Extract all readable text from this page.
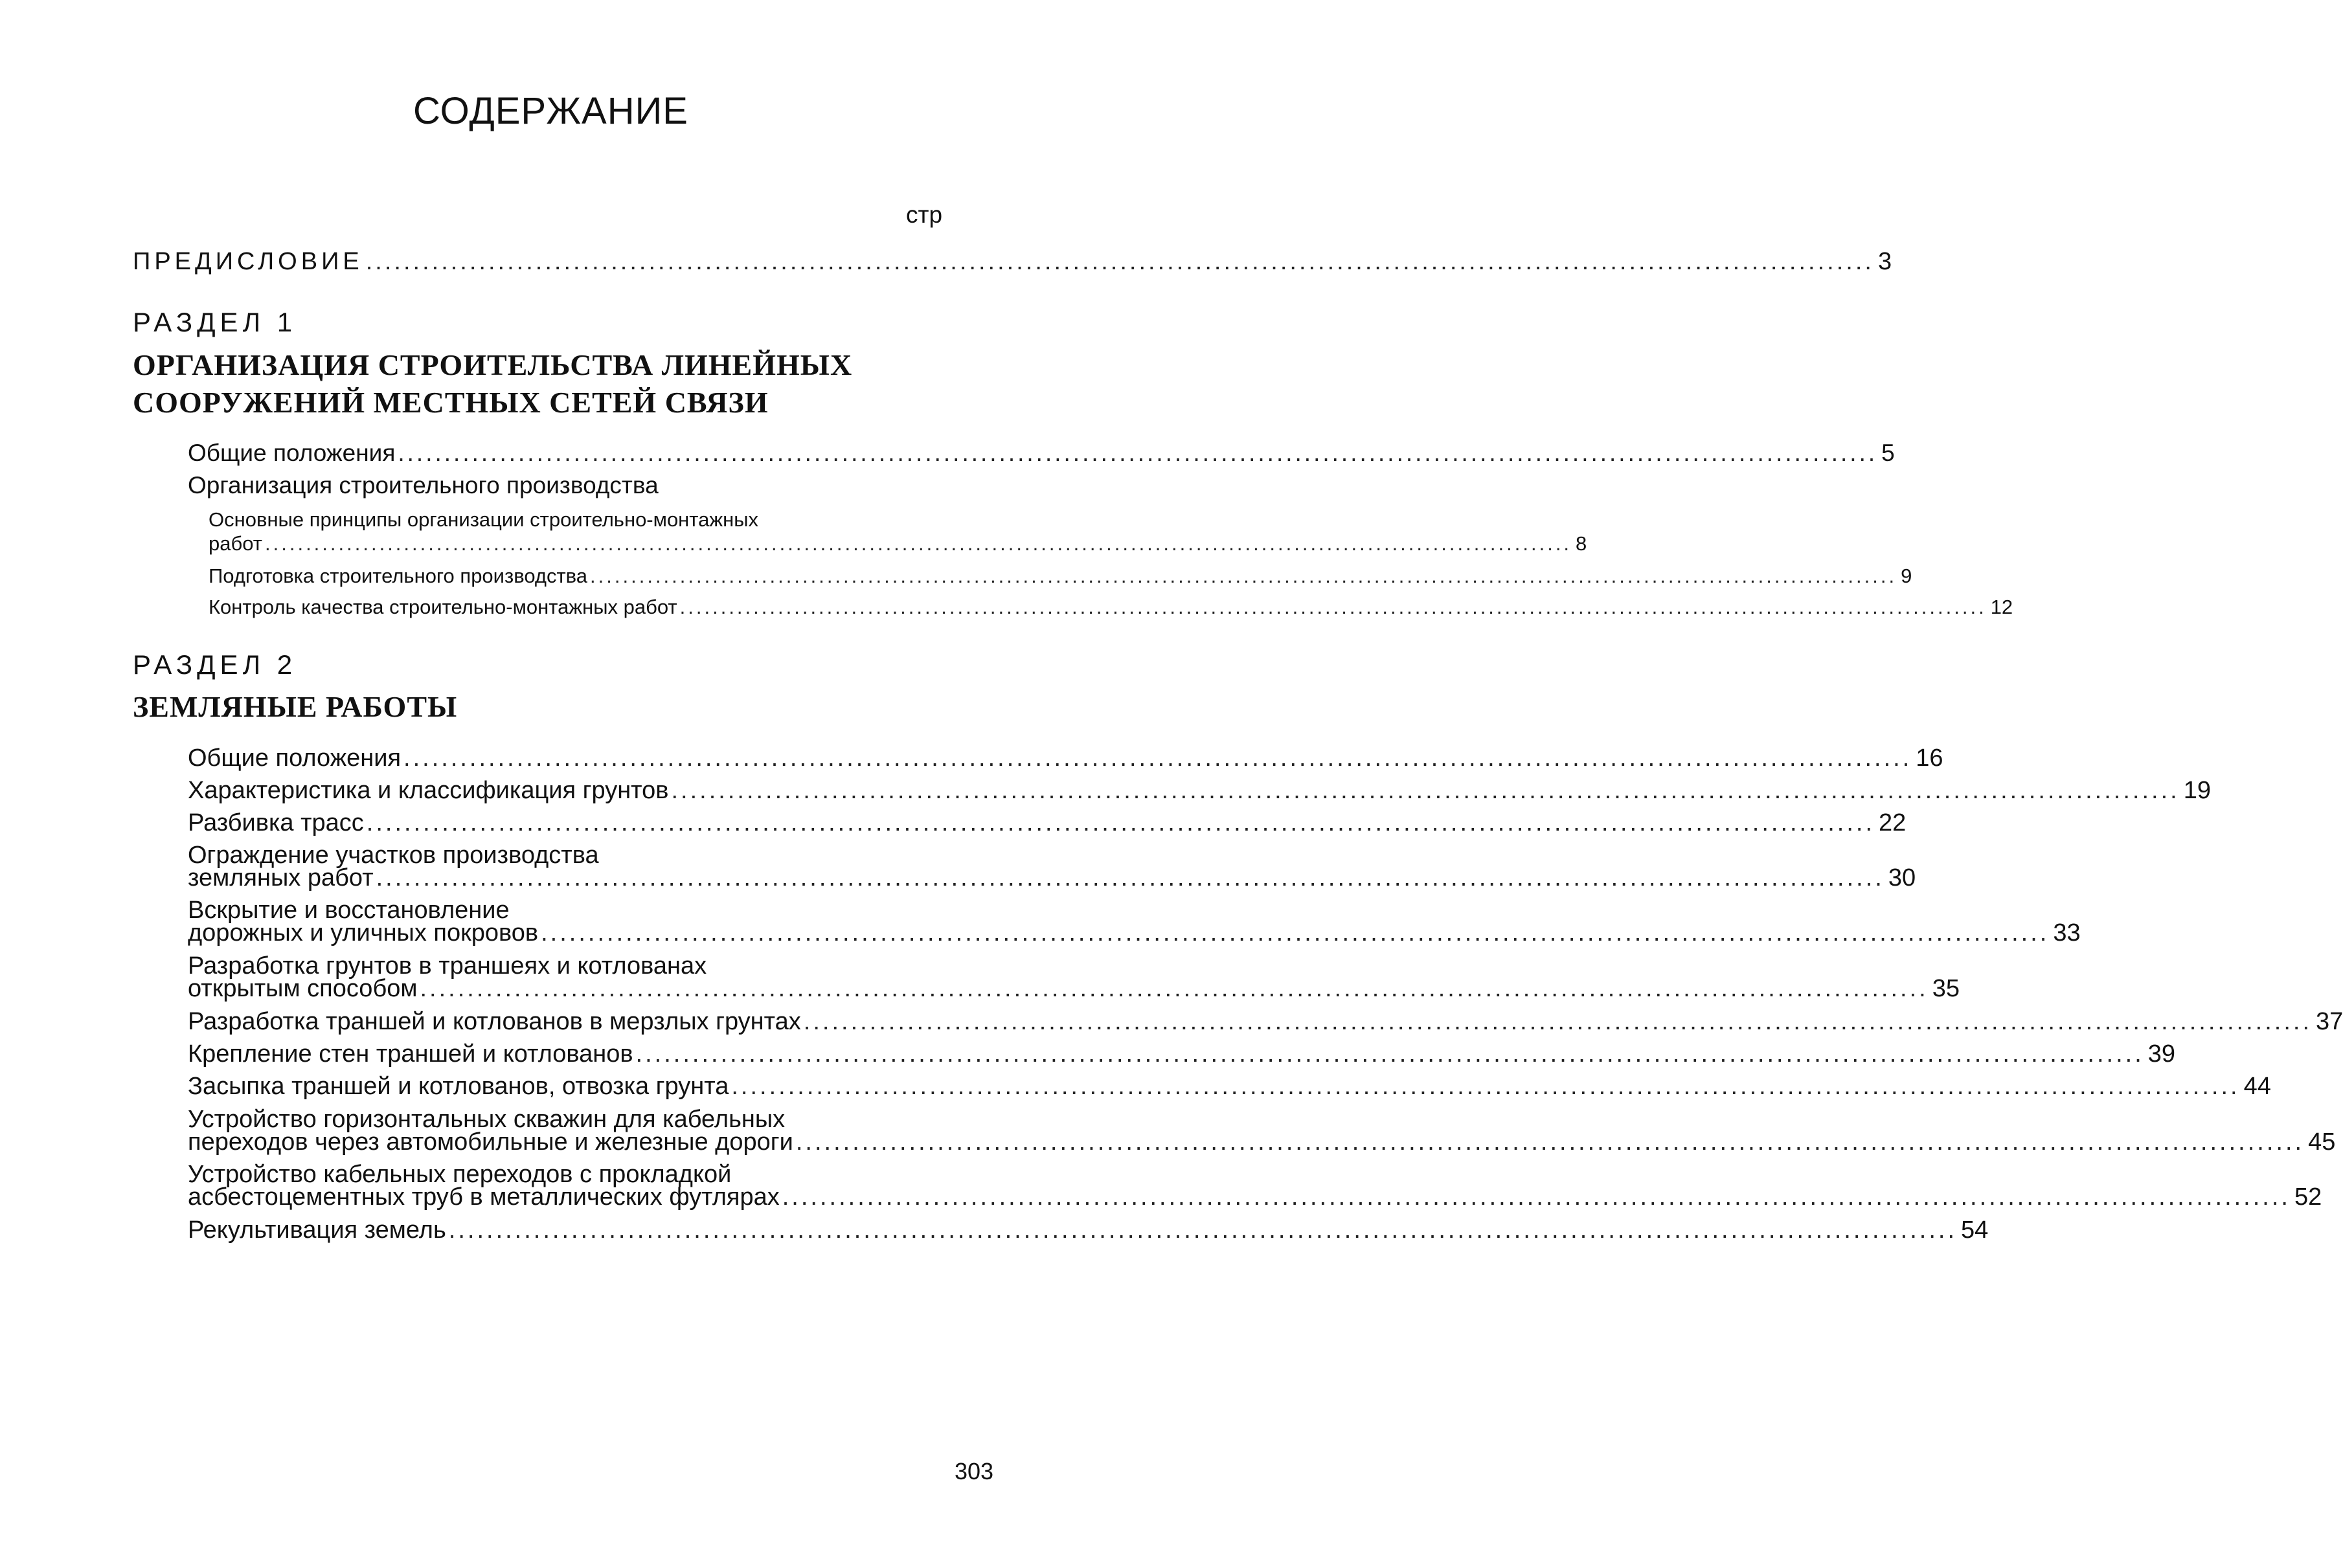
СОДЕРЖАНИЕ
стр
ПРЕДИСЛОВИЕ ................................................................................................................................................................ 3
РАЗДЕЛ 1
ОРГАНИЗАЦИЯ СТРОИТЕЛЬСТВА ЛИНЕЙНЫХ
СООРУЖЕНИЙ МЕСТНЫХ СЕТЕЙ СВЯЗИ
Общие положения ................................................................................................................................................................ 5
Организация строительного производства
Основные принципы организации строительно-монтажных
работ ................................................................................................................................................................ 8
Подготовка строительного производства ................................................................................................................................................................ 9
Контроль качества строительно-монтажных работ ................................................................................................................................................................ 12
РАЗДЕЛ 2
ЗЕМЛЯНЫЕ РАБОТЫ
Общие положения ................................................................................................................................................................ 16
Характеристика и классификация грунтов ................................................................................................................................................................ 19
Разбивка трасс ................................................................................................................................................................ 22
Ограждение участков производства
земляных работ ................................................................................................................................................................ 30
Вскрытие и восстановление
дорожных и уличных покровов ................................................................................................................................................................ 33
Разработка грунтов в траншеях и котлованах
открытым способом ................................................................................................................................................................ 35
Разработка траншей и котлованов в мерзлых грунтах ................................................................................................................................................................ 37
Крепление стен траншей и котлованов ................................................................................................................................................................ 39
Засыпка траншей и котлованов, отвозка грунта ................................................................................................................................................................ 44
Устройство горизонтальных скважин для кабельных
переходов через автомобильные и железные дороги ................................................................................................................................................................ 45
Устройство кабельных переходов с прокладкой
асбестоцементных труб в металлических футлярах ................................................................................................................................................................ 52
Рекультивация земель ................................................................................................................................................................ 54
303
